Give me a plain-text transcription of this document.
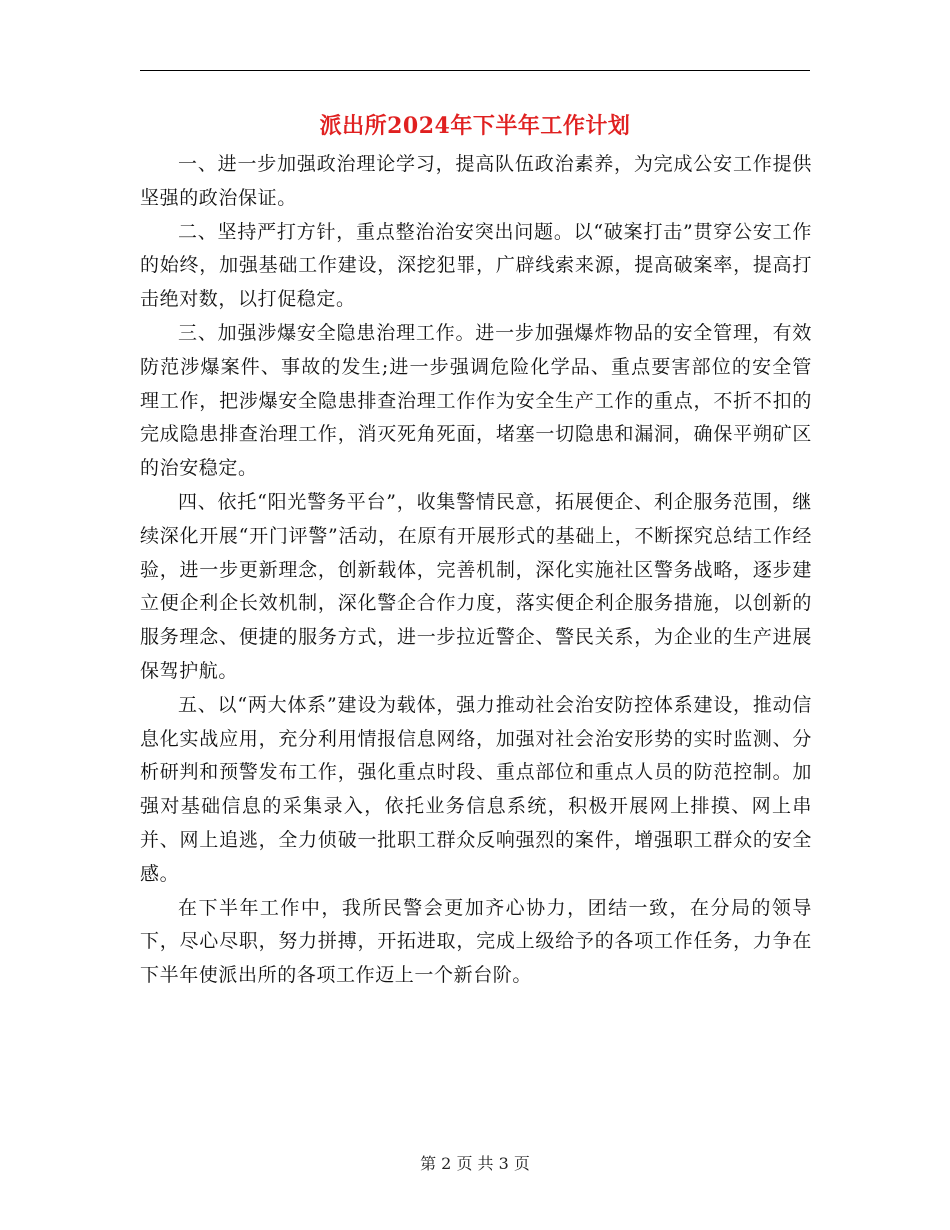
派出所2024年下半年工作计划

一、进一步加强政治理论学习，提高队伍政治素养，为完成公安工作提供坚强的政治保证。

二、坚持严打方针，重点整治治安突出问题。以“破案打击”贯穿公安工作的始终，加强基础工作建设，深挖犯罪，广辟线索来源，提高破案率，提高打击绝对数，以打促稳定。

三、加强涉爆安全隐患治理工作。进一步加强爆炸物品的安全管理，有效防范涉爆案件、事故的发生;进一步强调危险化学品、重点要害部位的安全管理工作，把涉爆安全隐患排查治理工作作为安全生产工作的重点，不折不扣的完成隐患排查治理工作，消灭死角死面，堵塞一切隐患和漏洞，确保平朔矿区的治安稳定。

四、依托“阳光警务平台”，收集警情民意，拓展便企、利企服务范围，继续深化开展“开门评警”活动，在原有开展形式的基础上，不断探究总结工作经验，进一步更新理念，创新载体，完善机制，深化实施社区警务战略，逐步建立便企利企长效机制，深化警企合作力度，落实便企利企服务措施，以创新的服务理念、便捷的服务方式，进一步拉近警企、警民关系，为企业的生产进展保驾护航。

五、以“两大体系”建设为载体，强力推动社会治安防控体系建设，推动信息化实战应用，充分利用情报信息网络，加强对社会治安形势的实时监测、分析研判和预警发布工作，强化重点时段、重点部位和重点人员的防范控制。加强对基础信息的采集录入，依托业务信息系统，积极开展网上排摸、网上串并、网上追逃，全力侦破一批职工群众反响强烈的案件，增强职工群众的安全感。

在下半年工作中，我所民警会更加齐心协力，团结一致，在分局的领导下，尽心尽职，努力拼搏，开拓进取，完成上级给予的各项工作任务，力争在下半年使派出所的各项工作迈上一个新台阶。

第 2 页 共 3 页
